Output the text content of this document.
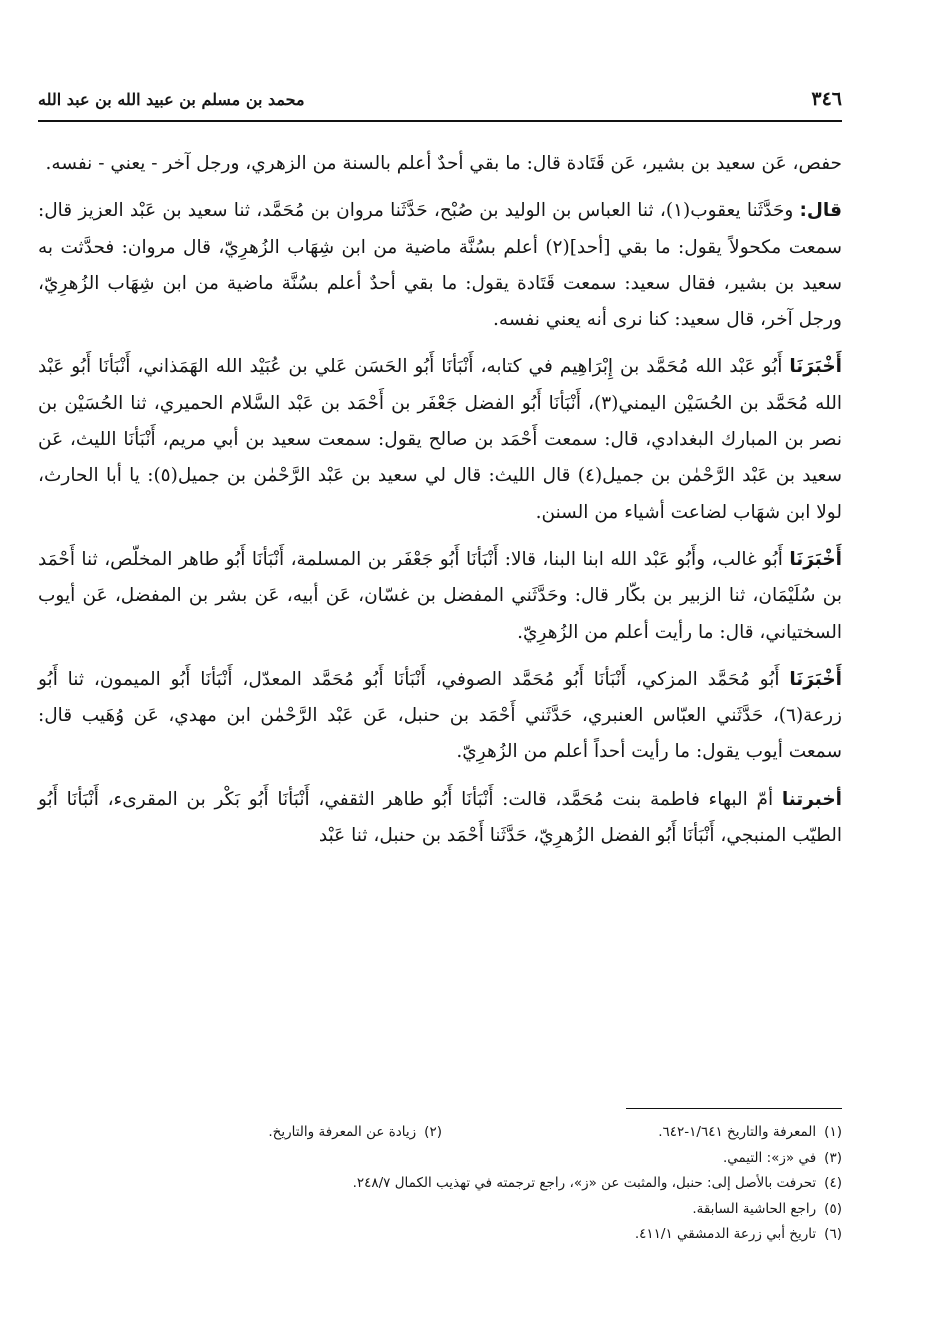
٣٤٦
محمد بن مسلم بن عبيد الله بن عبد الله

حفص، عَن سعيد بن بشير، عَن قَتَادة قال: ما بقي أحدٌ أعلم بالسنة من الزهري، ورجل آخر - يعني - نفسه.

قال: وحَدَّثَنا يعقوب(١)، ثنا العباس بن الوليد بن صُبْح، حَدَّثَنا مروان بن مُحَمَّد، ثنا سعيد بن عَبْد العزيز قال: سمعت مكحولاً يقول: ما بقي [أحد](٢) أعلم بسُنَّة ماضية من ابن شِهَاب الزُهرِيّ، قال مروان: فحدَّثت به سعيد بن بشير، فقال سعيد: سمعت قَتَادة يقول: ما بقي أحدٌ أعلم بسُنَّة ماضية من ابن شِهَاب الزُهرِيّ، ورجل آخر، قال سعيد: كنا نرى أنه يعني نفسه.

أَخْبَرَنَا أَبُو عَبْد الله مُحَمَّد بن إِبْرَاهِيم في كتابه، أَنْبَأنَا أَبُو الحَسَن عَلي بن عُبَيْد الله الهَمَذاني، أَنْبَأنَا أَبُو عَبْد الله مُحَمَّد بن الحُسَيْن اليمني(٣)، أَنْبَأنَا أَبُو الفضل جَعْفَر بن أَحْمَد بن عَبْد السَّلام الحميري، ثنا الحُسَيْن بن نصر بن المبارك البغدادي، قال: سمعت أَحْمَد بن صالح يقول: سمعت سعيد بن أبي مريم، أَنْبَأنَا الليث، عَن سعيد بن عَبْد الرَّحْمٰن بن جميل(٤) قال الليث: قال لي سعيد بن عَبْد الرَّحْمٰن بن جميل(٥): يا أبا الحارث، لولا ابن شهَاب لضاعت أشياء من السنن.

أَخْبَرَنَا أَبُو غالب، وأَبُو عَبْد الله ابنا البنا، قالا: أَنْبَأنَا أَبُو جَعْفَر بن المسلمة، أَنْبَأنَا أَبُو طاهر المخلّص، ثنا أَحْمَد بن سُلَيْمَان، ثنا الزبير بن بكّار قال: وحَدَّثَني المفضل بن غسّان، عَن أبيه، عَن بشر بن المفضل، عَن أيوب السختياني، قال: ما رأيت أعلم من الزُهرِيّ.

أَخْبَرَنَا أَبُو مُحَمَّد المزكي، أَنْبَأنَا أَبُو مُحَمَّد الصوفي، أَنْبَأنَا أَبُو مُحَمَّد المعدّل، أَنْبَأنَا أَبُو الميمون، ثنا أَبُو زرعة(٦)، حَدَّثَني العبّاس العنبري، حَدَّثَني أَحْمَد بن حنبل، عَن عَبْد الرَّحْمٰن ابن مهدي، عَن وُهَيب قال: سمعت أيوب يقول: ما رأيت أحداً أعلم من الزُهرِيّ.

أخبرتنا أمّ البهاء فاطمة بنت مُحَمَّد، قالت: أَنْبَأنَا أَبُو طاهر الثقفي، أَنْبَأنَا أَبُو بَكْر بن المقرىء، أَنْبَأنَا أَبُو الطيّب المنبجي، أَنْبَأنَا أَبُو الفضل الزُهرِيّ، حَدَّثَنا أَحْمَد بن حنبل، ثنا عَبْد

(١)
المعرفة والتاريخ ١/٦٤١-٦٤٢.
(٢)
زيادة عن المعرفة والتاريخ.
(٣)
في «ز»: التيمي.
(٤)
تحرفت بالأصل إلى: حنبل، والمثبت عن «ز»، راجع ترجمته في تهذيب الكمال ٢٤٨/٧.
(٥)
راجع الحاشية السابقة.
(٦)
تاريخ أبي زرعة الدمشقي ٤١١/١.
